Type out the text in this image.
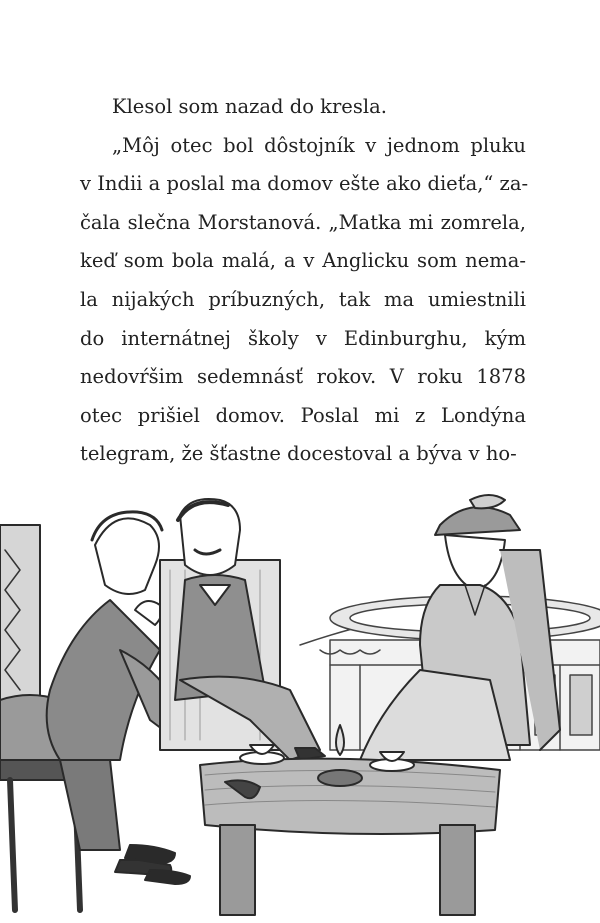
Klesol som nazad do kresla.

„Môj otec bol dôstojník v jednom pluku
v Indii a poslal ma domov ešte ako dieťa,“ za-
čala slečna Morstanová. „Matka mi zomrela,
keď som bola malá, a v Anglicku som nema-
la nijakých príbuzných, tak ma umiestnili
do internátnej školy v Edinburghu, kým
nedovŕšim sedemnásť rokov. V roku 1878
otec prišiel domov. Poslal mi z Londýna
telegram, že šťastne docestoval a býva v ho-
